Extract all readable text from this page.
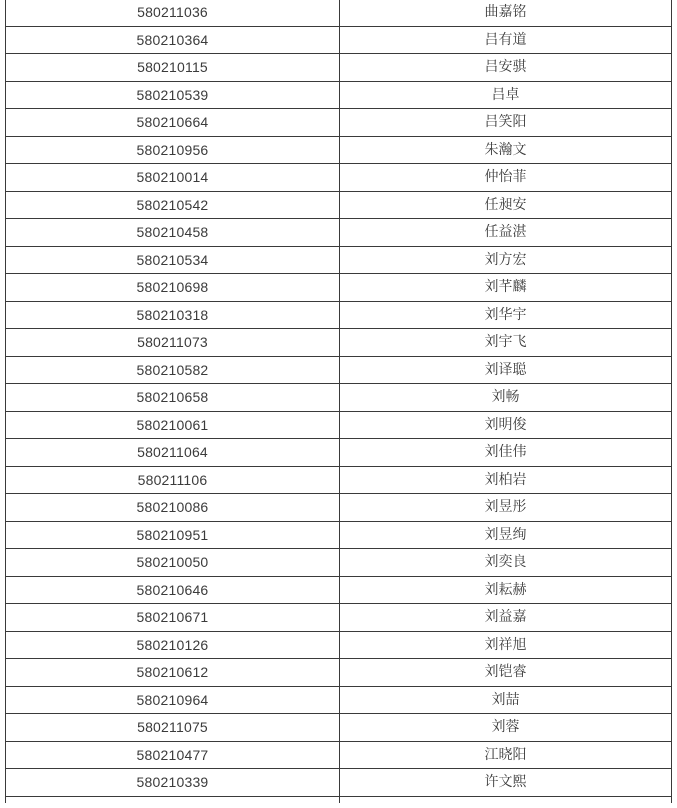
580211036	曲嘉铭
580210364	吕有道
580210115	吕安骐
580210539	吕卓
580210664	吕笑阳
580210956	朱瀚文
580210014	仲怡菲
580210542	任昶安
580210458	任益湛
580210534	刘方宏
580210698	刘芊麟
580210318	刘华宇
580211073	刘宇飞
580210582	刘译聪
580210658	刘畅
580210061	刘明俊
580211064	刘佳伟
580211106	刘柏岩
580210086	刘昱彤
580210951	刘昱绚
580210050	刘奕良
580210646	刘耘赫
580210671	刘益嘉
580210126	刘祥旭
580210612	刘铠睿
580210964	刘喆
580211075	刘蓉
580210477	江晓阳
580210339	许文熙
